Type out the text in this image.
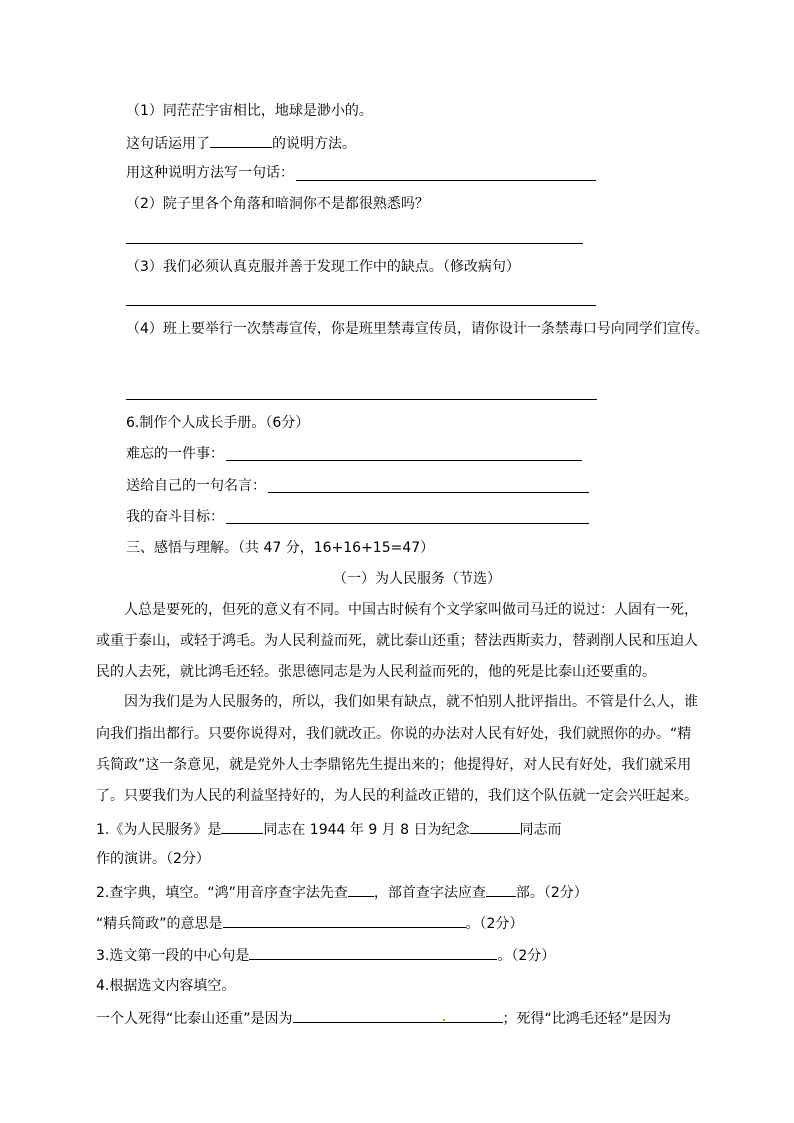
（1）同茫茫宇宙相比，地球是渺小的。
这句话运用了	的说明方法。
用这种说明方法写一句话：
（2）院子里各个角落和暗洞你不是都很熟悉吗？
（3）我们必须认真克服并善于发现工作中的缺点。（修改病句）
（4）班上要举行一次禁毒宣传，你是班里禁毒宣传员，请你设计一条禁毒口号向同学们宣传。
6.制作个人成长手册。（6分）
难忘的一件事：
送给自己的一句名言：
我的奋斗目标：
三、感悟与理解。（共 47 分，16+16+15=47）
（一）为人民服务（节选）
人总是要死的，但死的意义有不同。中国古时候有个文学家叫做司马迁的说过：人固有一死，
或重于泰山，或轻于鸿毛。为人民利益而死，就比泰山还重；替法西斯卖力，替剥削人民和压迫人
民的人去死，就比鸿毛还轻。张思德同志是为人民利益而死的，他的死是比泰山还要重的。
因为我们是为人民服务的，所以，我们如果有缺点，就不怕别人批评指出。不管是什么人，谁
向我们指出都行。只要你说得对，我们就改正。你说的办法对人民有好处，我们就照你的办。“精
兵简政”这一条意见，就是党外人士李鼎铭先生提出来的；他提得好，对人民有好处，我们就采用
了。只要我们为人民的利益坚持好的，为人民的利益改正错的，我们这个队伍就一定会兴旺起来。
1.《为人民服务》是	同志在 1944 年 9 月 8 日为纪念	同志而
作的演讲。（2分）
2.查字典，填空。“鸿”用音序查字法先查 ，部首查字法应查 部。（2分）
“精兵简政”的意思是	。（2分）
3.选文第一段的中心句是	。（2分）
4.根据选文内容填空。
一个人死得“比泰山还重”是因为	；死得“比鸿毛还轻”是因为
